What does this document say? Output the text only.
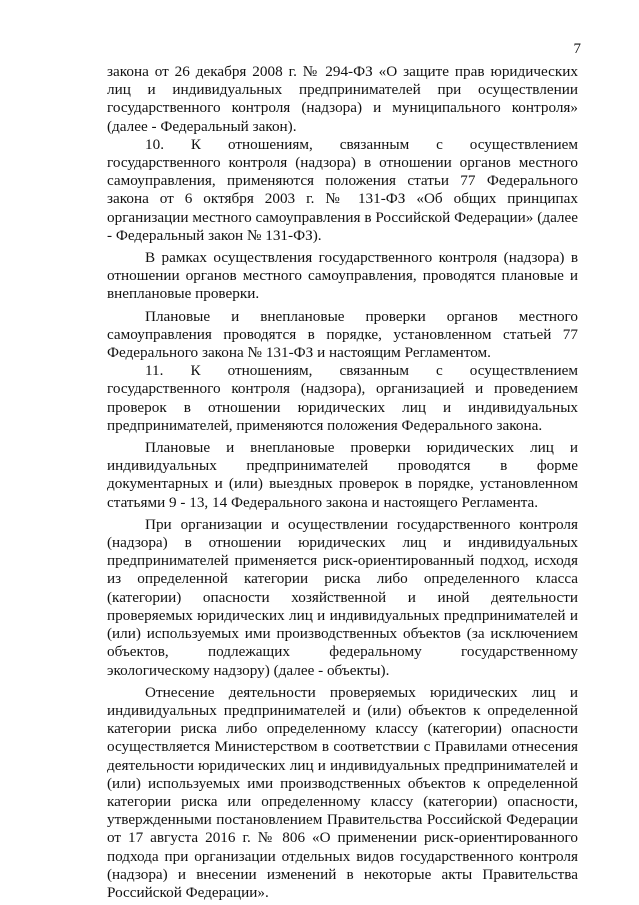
7

закона от 26 декабря 2008 г. № 294-ФЗ «О защите прав юридических лиц и индивидуальных предпринимателей при осуществлении государственного контроля (надзора) и муниципального контроля» (далее - Федеральный закон).

10. К отношениям, связанным с осуществлением государственного контроля (надзора) в отношении органов местного самоуправления, применяются положения статьи 77 Федерального закона от 6 октября 2003 г. № 131-ФЗ «Об общих принципах организации местного самоуправления в Российской Федерации» (далее - Федеральный закон № 131-ФЗ).

В рамках осуществления государственного контроля (надзора) в отношении органов местного самоуправления, проводятся плановые и внеплановые проверки.

Плановые и внеплановые проверки органов местного самоуправления проводятся в порядке, установленном статьей 77 Федерального закона № 131-ФЗ и настоящим Регламентом.

11. К отношениям, связанным с осуществлением государственного контроля (надзора), организацией и проведением проверок в отношении юридических лиц и индивидуальных предпринимателей, применяются положения Федерального закона.

Плановые и внеплановые проверки юридических лиц и индивидуальных предпринимателей проводятся в форме документарных и (или) выездных проверок в порядке, установленном статьями 9 - 13, 14 Федерального закона и настоящего Регламента.

При организации и осуществлении государственного контроля (надзора) в отношении юридических лиц и индивидуальных предпринимателей применяется риск-ориентированный подход, исходя из определенной категории риска либо определенного класса (категории) опасности хозяйственной и иной деятельности проверяемых юридических лиц и индивидуальных предпринимателей и (или) используемых ими производственных объектов (за исключением объектов, подлежащих федеральному государственному экологическому надзору) (далее - объекты).

Отнесение деятельности проверяемых юридических лиц и индивидуальных предпринимателей и (или) объектов к определенной категории риска либо определенному классу (категории) опасности осуществляется Министерством в соответствии с Правилами отнесения деятельности юридических лиц и индивидуальных предпринимателей и (или) используемых ими производственных объектов к определенной категории риска или определенному классу (категории) опасности, утвержденными постановлением Правительства Российской Федерации от 17 августа 2016 г. № 806 «О применении риск-ориентированного подхода при организации отдельных видов государственного контроля (надзора) и внесении изменений в некоторые акты Правительства Российской Федерации».
